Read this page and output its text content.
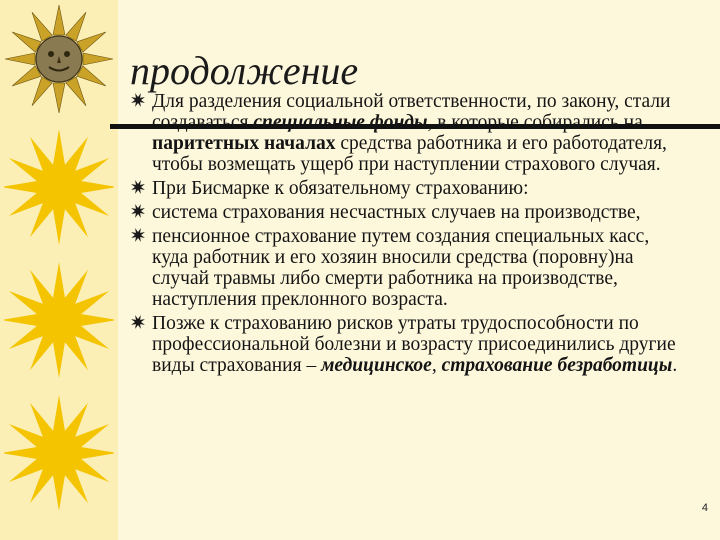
продолжение

Для разделения социальной ответственности, по закону, стали создаваться специальные фонды, в которые собирались на паритетных началах средства работника и его работодателя, чтобы возмещать ущерб при наступлении страхового случая.

При Бисмарке к обязательному страхованию:

система страхования несчастных случаев на производстве,

пенсионное страхование путем создания специальных касс, куда работник и его хозяин вносили средства (поровну)на случай травмы либо смерти работника на производстве, наступления преклонного возраста.

Позже к страхованию рисков утраты трудоспособности по профессиональной болезни и возрасту присоединились другие виды страхования – медицинское, страхование безработицы.

4
